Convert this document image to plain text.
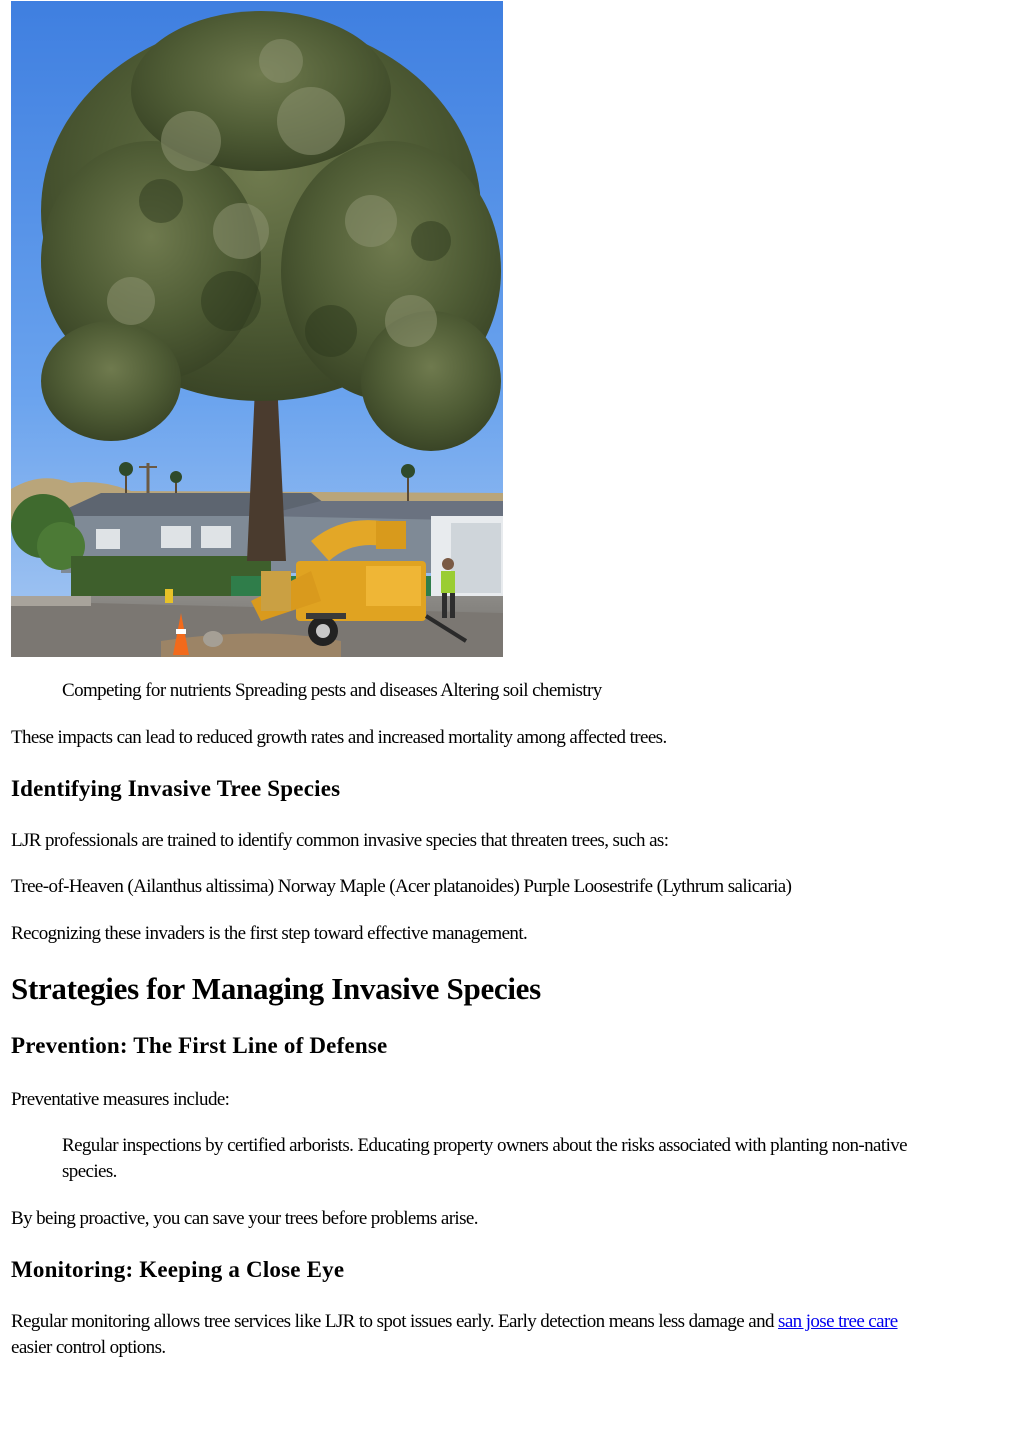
Competing for nutrients Spreading pests and diseases Altering soil chemistry

These impacts can lead to reduced growth rates and increased mortality among affected trees.

Identifying Invasive Tree Species

LJR professionals are trained to identify common invasive species that threaten trees, such as:

Tree-of-Heaven (Ailanthus altissima) Norway Maple (Acer platanoides) Purple Loosestrife (Lythrum salicaria)

Recognizing these invaders is the first step toward effective management.

Strategies for Managing Invasive Species
Prevention: The First Line of Defense

Preventative measures include:

Regular inspections by certified arborists. Educating property owners about the risks associated with planting non-native

species.

By being proactive, you can save your trees before problems arise.

Monitoring: Keeping a Close Eye

Regular monitoring allows tree services like LJR to spot issues early. Early detection means less damage and san jose tree care

easier control options.
